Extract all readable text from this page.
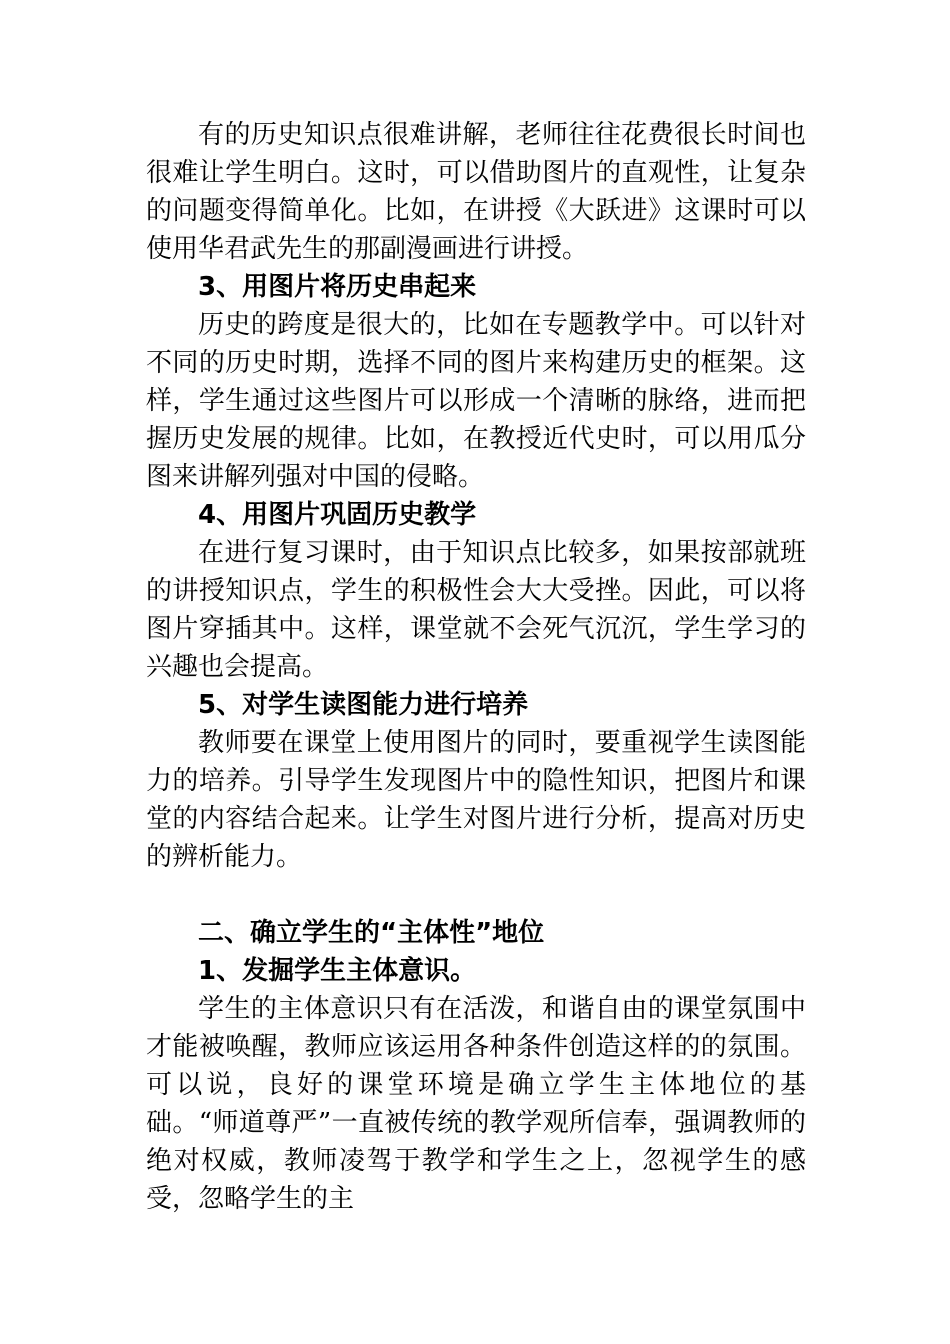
有的历史知识点很难讲解，老师往往花费很长时间也很难让学生明白。这时，可以借助图片的直观性，让复杂的问题变得简单化。比如，在讲授《大跃进》这课时可以使用华君武先生的那副漫画进行讲授。

3、用图片将历史串起来

历史的跨度是很大的，比如在专题教学中。可以针对不同的历史时期，选择不同的图片来构建历史的框架。这样，学生通过这些图片可以形成一个清晰的脉络，进而把握历史发展的规律。比如，在教授近代史时，可以用瓜分图来讲解列强对中国的侵略。

4、用图片巩固历史教学

在进行复习课时，由于知识点比较多，如果按部就班的讲授知识点，学生的积极性会大大受挫。因此，可以将图片穿插其中。这样，课堂就不会死气沉沉，学生学习的兴趣也会提高。

5、对学生读图能力进行培养

教师要在课堂上使用图片的同时，要重视学生读图能力的培养。引导学生发现图片中的隐性知识，把图片和课堂的内容结合起来。让学生对图片进行分析，提高对历史的辨析能力。

二、确立学生的“主体性”地位

1、发掘学生主体意识。

学生的主体意识只有在活泼，和谐自由的课堂氛围中才能被唤醒，教师应该运用各种条件创造这样的的氛围。可以说，良好的课堂环境是确立学生主体地位的基础。“师道尊严”一直被传统的教学观所信奉，强调教师的绝对权威，教师凌驾于教学和学生之上，忽视学生的感受，忽略学生的主
